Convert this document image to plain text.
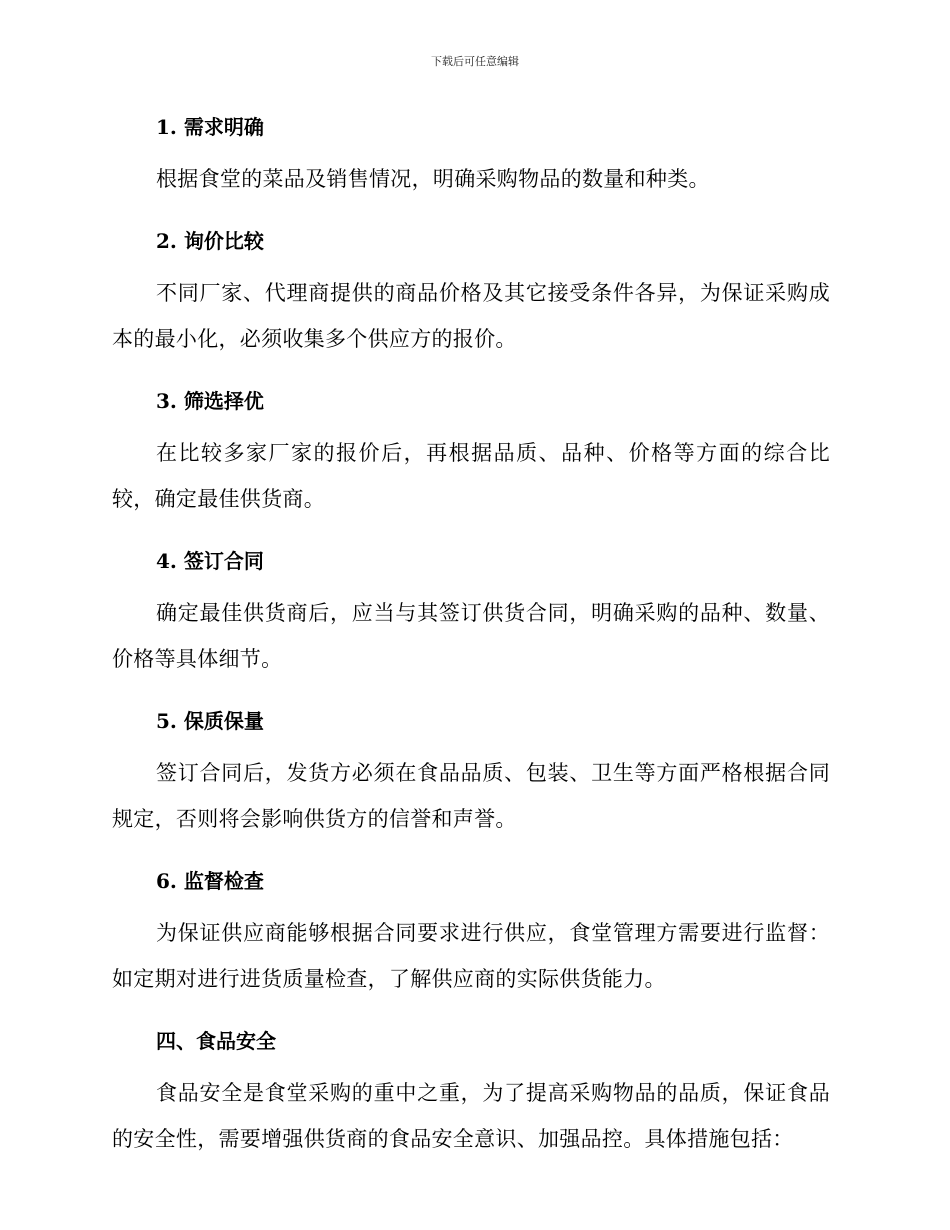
下载后可任意编辑
1. 需求明确

根据食堂的菜品及销售情况，明确采购物品的数量和种类。

2. 询价比较

不同厂家、代理商提供的商品价格及其它接受条件各异，为保证采购成本的最小化，必须收集多个供应方的报价。

3. 筛选择优

在比较多家厂家的报价后，再根据品质、品种、价格等方面的综合比较，确定最佳供货商。

4. 签订合同

确定最佳供货商后，应当与其签订供货合同，明确采购的品种、数量、价格等具体细节。

5. 保质保量

签订合同后，发货方必须在食品品质、包装、卫生等方面严格根据合同规定，否则将会影响供货方的信誉和声誉。

6. 监督检查

为保证供应商能够根据合同要求进行供应，食堂管理方需要进行监督：如定期对进行进货质量检查，了解供应商的实际供货能力。

四、食品安全

食品安全是食堂采购的重中之重，为了提高采购物品的品质，保证食品的安全性，需要增强供货商的食品安全意识、加强品控。具体措施包括：
